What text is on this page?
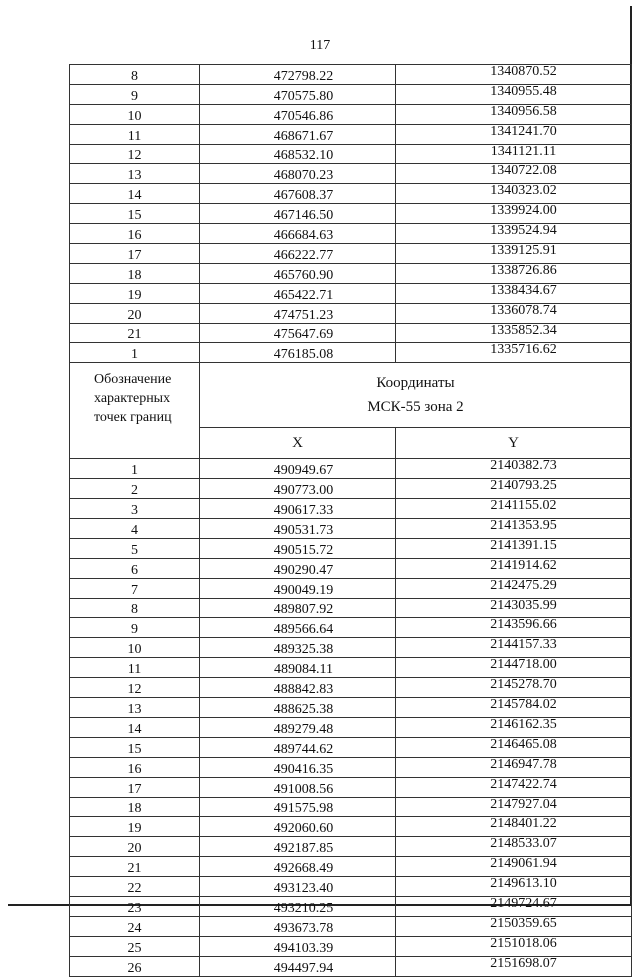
117
8	472798.22	1340870.52
9	470575.80	1340955.48
10	470546.86	1340956.58
11	468671.67	1341241.70
12	468532.10	1341121.11
13	468070.23	1340722.08
14	467608.37	1340323.02
15	467146.50	1339924.00
16	466684.63	1339524.94
17	466222.77	1339125.91
18	465760.90	1338726.86
19	465422.71	1338434.67
20	474751.23	1336078.74
21	475647.69	1335852.34
1	476185.08	1335716.62
Обозначение характерных точек границ	Координаты
МСК-55 зона 2	

	X	Y
1	490949.67	2140382.73
2	490773.00	2140793.25
3	490617.33	2141155.02
4	490531.73	2141353.95
5	490515.72	2141391.15
6	490290.47	2141914.62
7	490049.19	2142475.29
8	489807.92	2143035.99
9	489566.64	2143596.66
10	489325.38	2144157.33
11	489084.11	2144718.00
12	488842.83	2145278.70
13	488625.38	2145784.02
14	489279.48	2146162.35
15	489744.62	2146465.08
16	490416.35	2146947.78
17	491008.56	2147422.74
18	491575.98	2147927.04
19	492060.60	2148401.22
20	492187.85	2148533.07
21	492668.49	2149061.94
22	493123.40	2149613.10
23	493210.25	2149724.67
24	493673.78	2150359.65
25	494103.39	2151018.06
26	494497.94	2151698.07
